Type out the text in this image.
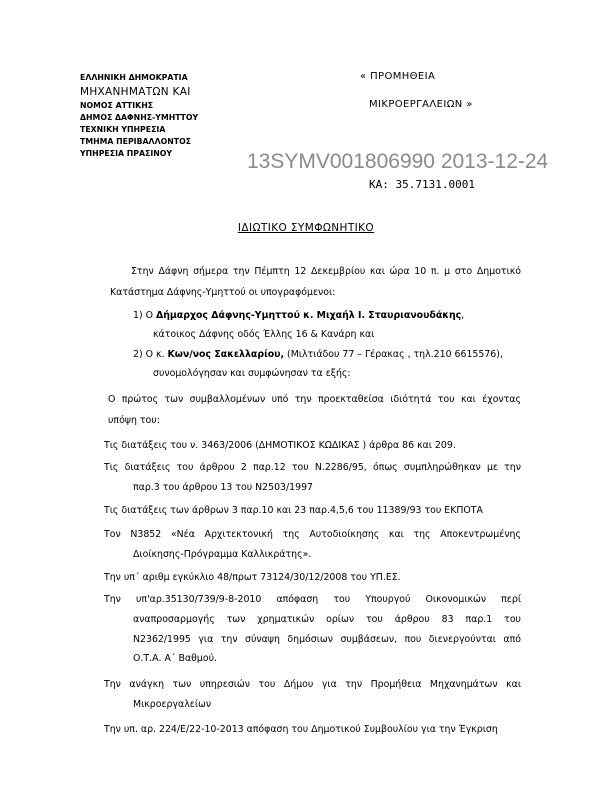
ΕΛΛΗΝΙΚΗ ΔΗΜΟΚΡΑΤΙΑ
ΜΗΧΑΝΗΜΑΤΩΝ ΚΑΙ
ΝΟΜΟΣ ΑΤΤΙΚΗΣ
ΔΗΜΟΣ ΔΑΦΝΗΣ-ΥΜΗΤΤΟΥ
ΤΕΧΝΙΚΗ ΥΠΗΡΕΣΙΑ
ΤΜΗΜΑ ΠΕΡΙΒΑΛΛΟΝΤΟΣ
ΥΠΗΡΕΣΙΑ ΠΡΑΣΙΝΟΥ
« ΠΡΟΜΗΘΕΙΑ
ΜΙΚΡΟΕΡΓΑΛΕΙΩΝ »
13SYMV001806990 2013-12-24
ΚΑ: 35.7131.0001
ΙΔΙΩΤΙΚΟ ΣΥΜΦΩΝΗΤΙΚΟ
Στην Δάφνη σήμερα την Πέμπτη 12 Δεκεμβρίου και ώρα 10 π. μ στο Δημοτικό
Κατάστημα Δάφνης-Υμηττού οι υπογραφόμενοι:
1) Ο Δήμαρχος Δάφνης-Υμηττού κ. Μιχαήλ Ι. Σταυριανουδάκης,
κάτοικος Δάφνης οδός Έλλης 16 & Κανάρη και
2) Ο κ. Κων/νος Σακελλαρίου, (Μιλτιάδου 77 – Γέρακας , τηλ.210 6615576),
συνομολόγησαν και συμφώνησαν τα εξής:
Ο πρώτος των συμβαλλομένων υπό την προεκταθείσα ιδιότητά του και έχοντας
υπόψη του:
Τις διατάξεις του ν. 3463/2006 (ΔΗΜΟΤΙΚΟΣ ΚΩΔΙΚΑΣ ) άρθρα 86 και 209.
Τις διατάξεις του άρθρου 2 παρ.12 του Ν.2286/95, όπως συμπληρώθηκαν με την
παρ.3 του άρθρου 13 του Ν2503/1997
Τις διατάξεις των άρθρων 3 παρ.10 και 23 παρ.4,5,6 του 11389/93 του ΕΚΠΟΤΑ
Τον Ν3852 «Νέα Αρχιτεκτονική της Αυτοδιοίκησης και της Αποκεντρωμένης
Διοίκησης-Πρόγραμμα Καλλικράτης».
Την υπ΄ αριθμ εγκύκλιο 48/πρωτ 73124/30/12/2008 του ΥΠ.ΕΣ.
Την υπ'αρ.35130/739/9-8-2010 απόφαση του Υπουργού Οικονομικών περί
αναπροσαρμογής των χρηματικών ορίων του άρθρου 83 παρ.1 του
Ν2362/1995 για την σύναψη δημόσιων συμβάσεων, που διενεργούνται από
Ο.Τ.Α. Α΄ Βαθμού.
Την ανάγκη των υπηρεσιών του Δήμου για την Προμήθεια Μηχανημάτων και
Μικροεργαλείων
Την υπ. αρ. 224/Ε/22-10-2013 απόφαση του Δημοτικού Συμβουλίου για την Έγκριση
